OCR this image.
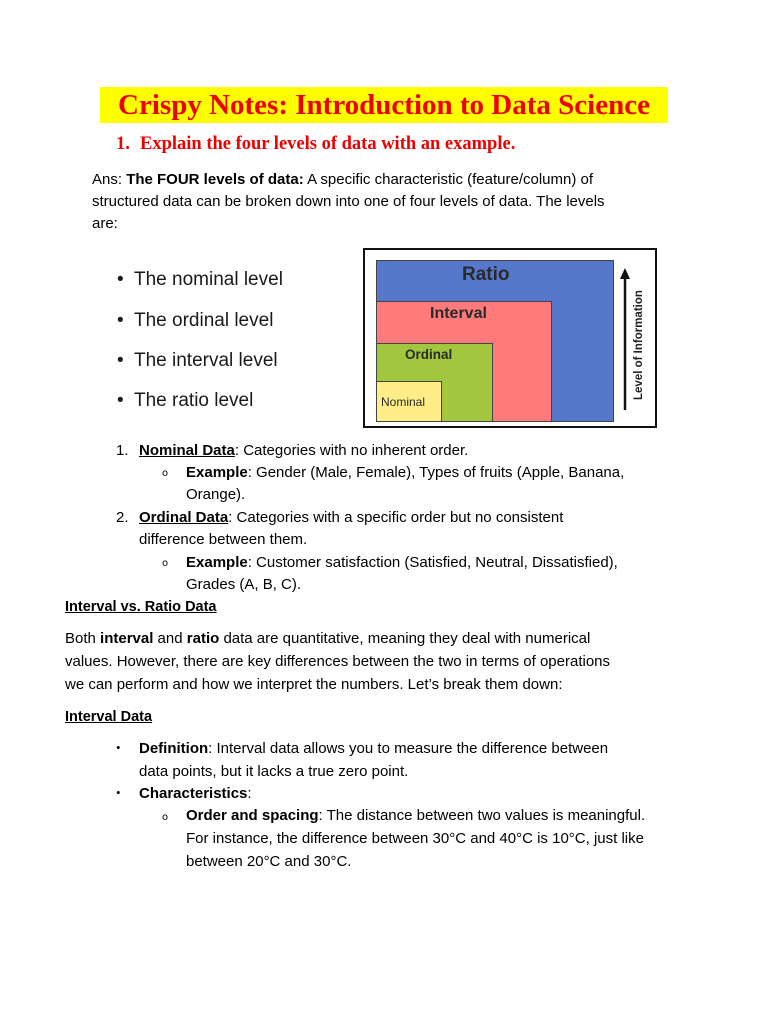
Crispy Notes: Introduction to Data Science
1. Explain the four levels of data with an example.
Ans: The FOUR levels of data: A specific characteristic (feature/column) of
structured data can be broken down into one of four levels of data. The levels
are:
• The nominal level
• The ordinal level
• The interval level
• The ratio level
Ratio
Interval
Ordinal
Nominal
Level of Information
1. Nominal Data: Categories with no inherent order.
o Example: Gender (Male, Female), Types of fruits (Apple, Banana,
Orange).
2. Ordinal Data: Categories with a specific order but no consistent
difference between them.
o Example: Customer satisfaction (Satisfied, Neutral, Dissatisfied),
Grades (A, B, C).
Interval vs. Ratio Data
Both interval and ratio data are quantitative, meaning they deal with numerical
values. However, there are key differences between the two in terms of operations
we can perform and how we interpret the numbers. Let’s break them down:
Interval Data
• Definition: Interval data allows you to measure the difference between
data points, but it lacks a true zero point.
• Characteristics:
o Order and spacing: The distance between two values is meaningful.
For instance, the difference between 30°C and 40°C is 10°C, just like
between 20°C and 30°C.
